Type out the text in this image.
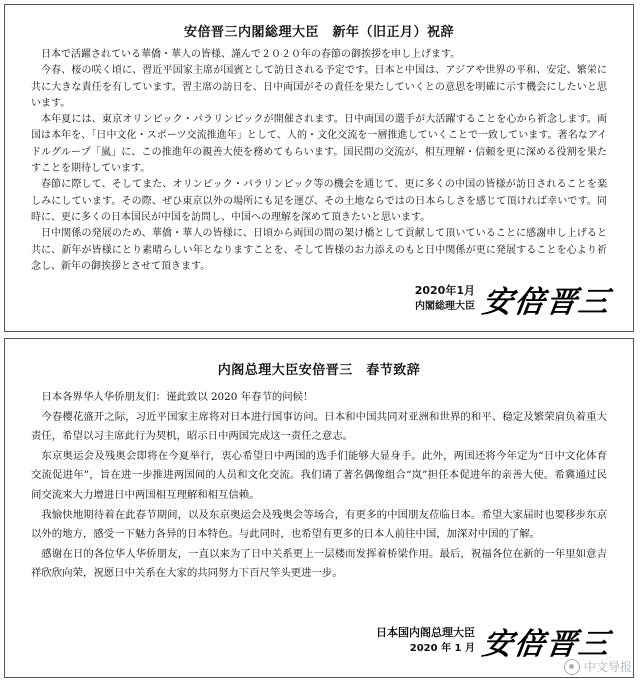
安倍晋三内閣総理大臣　新年（旧正月）祝辞

日本で活躍されている華僑・華人の皆様、謹んで２０２０年の春節の御挨拶を申し上げます。

今春、桜の咲く頃に、習近平国家主席が国賓として訪日される予定です。日本と中国は、アジアや世界の平和、安定、繁栄に共に大きな責任を有しています。習主席の訪日を、日中両国がその責任を果たしていくとの意思を明確に示す機会にしたいと思います。

本年夏には、東京オリンピック・パラリンピックが開催されます。日中両国の選手が大活躍することを心から祈念します。両国は本年を、「日中文化・スポーツ交流推進年」として、人的・文化交流を一層推進していくことで一致しています。著名なアイドルグループ「嵐」に、この推進年の親善大使を務めてもらいます。国民間の交流が、相互理解・信頼を更に深める役割を果たすことを期待しています。

春節に際して、そしてまた、オリンピック・パラリンピック等の機会を通じて、更に多くの中国の皆様が訪日されることを楽しみにしています。その際、ぜひ東京以外の場所にも足を運び、その土地ならではの日本らしさを感じて頂ければ幸いです。同時に、更に多くの日本国民が中国を訪問し、中国への理解を深めて頂きたいと思います。

日中関係の発展のため、華僑・華人の皆様に、日頃から両国の間の架け橋として貢献して頂いていることに感謝申し上げると共に、新年が皆様にとり素晴らしい年となりますことを、そして皆様のお力添えのもと日中関係が更に発展することを心より祈念し、新年の御挨拶とさせて頂きます。

2020年1月
内閣総理大臣 安倍晋三
内阁总理大臣安倍晋三　春节致辞

日本各界华人华侨朋友们：谨此致以 2020 年春节的问候！

今春樱花盛开之际，习近平国家主席将对日本进行国事访问。日本和中国共同对亚洲和世界的和平、稳定及繁荣肩负着重大责任，希望以习主席此行为契机，昭示日中两国完成这一责任之意志。

东京奥运会及残奥会即将在今夏举行，衷心希望日中两国的选手们能够大显身手。此外，两国还将今年定为“日中文化体育交流促进年”，旨在进一步推进两国间的人员和文化交流。我们请了著名偶像组合“岚”担任本促进年的亲善大使。希冀通过民间交流来大力增进日中两国相互理解和相互信赖。

我愉快地期待着在此春节期间，以及东京奥运会及残奥会等场合，有更多的中国朋友莅临日本。希望大家届时也要移步东京以外的地方，感受一下魅力各异的日本特色。与此同时，也希望有更多的日本人前往中国，加深对中国的了解。

感谢在日的各位华人华侨朋友，一直以来为了日中关系更上一层楼而发挥着桥梁作用。最后，祝福各位在新的一年里如意吉祥欣欣向荣，祝愿日中关系在大家的共同努力下百尺竿头更进一步。

日本国内阁总理大臣
2020 年 1 月 安倍晋三
中文导报
